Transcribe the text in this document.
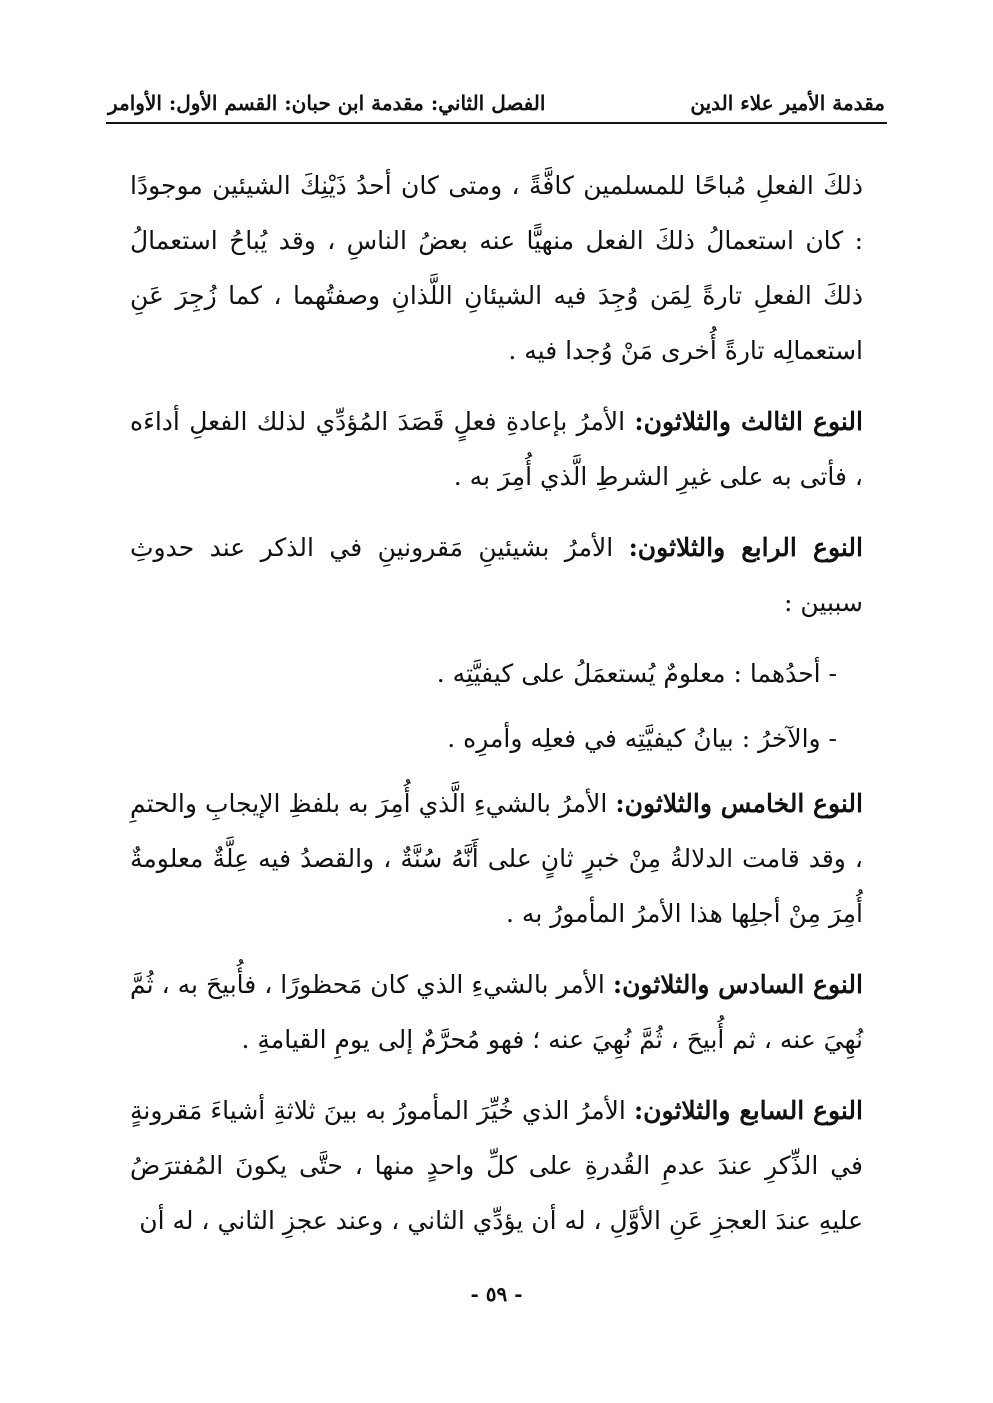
مقدمة الأمير علاء الدين
الفصل الثاني: مقدمة ابن حبان: القسم الأول: الأوامر

ذلكَ الفعلِ مُباحًا للمسلمين كافَّةً ، ومتى كان أحدُ ذَيْنِكَ الشيئين موجودًا : كان استعمالُ ذلكَ الفعل منهيًّا عنه بعضُ الناسِ ، وقد يُباحُ استعمالُ ذلكَ الفعلِ تارةً لِمَن وُجِدَ فيه الشيئانِ اللَّذانِ وصفتُهما ، كما زُجِرَ عَنِ استعمالِه تارةً أُخرى مَنْ وُجدا فيه .

النوع الثالث والثلاثون: الأمرُ بإعادةِ فعلٍ قَصَدَ المُؤدِّي لذلك الفعلِ أداءَه ، فأتى به على غيرِ الشرطِ الَّذي أُمِرَ به .

النوع الرابع والثلاثون: الأمرُ بشيئينِ مَقرونينِ في الذكر عند حدوثِ سببين :

- أحدُهما : معلومٌ يُستعمَلُ على كيفيَّتِه .

- والآخرُ : بيانُ كيفيَّتِه في فعلِه وأمرِه .

النوع الخامس والثلاثون: الأمرُ بالشيءِ الَّذي أُمِرَ به بلفظِ الإيجابِ والحتمِ ، وقد قامت الدلالةُ مِنْ خبرٍ ثانٍ على أَنَّهُ سُنَّةٌ ، والقصدُ فيه عِلَّةٌ معلومةٌ أُمِرَ مِنْ أجلِها هذا الأمرُ المأمورُ به .

النوع السادس والثلاثون: الأمر بالشيءِ الذي كان مَحظورًا ، فأُبيحَ به ، ثُمَّ نُهِيَ عنه ، ثم أُبيحَ ، ثُمَّ نُهِيَ عنه ؛ فهو مُحرَّمٌ إلى يومِ القيامةِ .

النوع السابع والثلاثون: الأمرُ الذي خُيِّرَ المأمورُ به بينَ ثلاثةِ أشياءَ مَقرونةٍ في الذِّكرِ عندَ عدمِ القُدرةِ على كلِّ واحدٍ منها ، حتَّى يكونَ المُفترَضُ عليهِ عندَ العجزِ عَنِ الأوَّلِ ، له أن يؤدِّي الثاني ، وعند عجزِ الثاني ، له أن

- ٥٩ -
